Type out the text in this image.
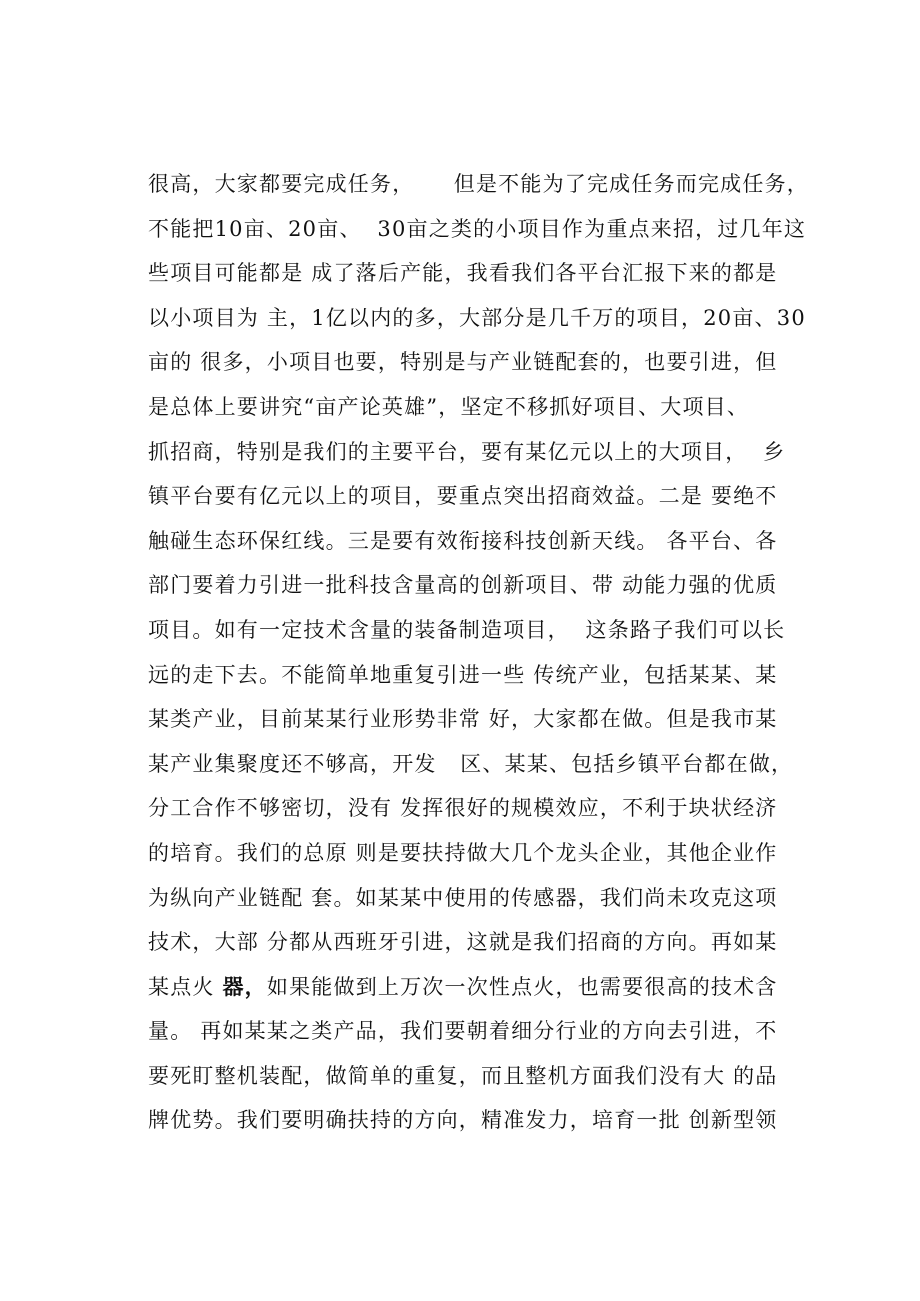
很高，大家都要完成任务，     但是不能为了完成任务而完成任务，
不能把10亩、20亩、  30亩之类的小项目作为重点来招，过几年这
些项目可能都是 成了落后产能，我看我们各平台汇报下来的都是
以小项目为 主，1亿以内的多，大部分是几千万的项目，20亩、30
亩的 很多，小项目也要，特别是与产业链配套的，也要引进，但
是总体上要讲究“亩产论英雄”，坚定不移抓好项目、大项目、
抓招商，特别是我们的主要平台，要有某亿元以上的大项目，  乡
镇平台要有亿元以上的项目，要重点突出招商效益。二是 要绝不
触碰生态环保红线。三是要有效衔接科技创新天线。 各平台、各
部门要着力引进一批科技含量高的创新项目、带 动能力强的优质
项目。如有一定技术含量的装备制造项目，  这条路子我们可以长
远的走下去。不能简单地重复引进一些 传统产业，包括某某、某
某类产业，目前某某行业形势非常 好，大家都在做。但是我市某
某产业集聚度还不够高，开发   区、某某、包括乡镇平台都在做，
分工合作不够密切，没有 发挥很好的规模效应，不利于块状经济
的培育。我们的总原 则是要扶持做大几个龙头企业，其他企业作
为纵向产业链配 套。如某某中使用的传感器，我们尚未攻克这项
技术，大部 分都从西班牙引进，这就是我们招商的方向。再如某
某点火 器，如果能做到上万次一次性点火，也需要很高的技术含
量。 再如某某之类产品，我们要朝着细分行业的方向去引进，不
要死盯整机装配，做简单的重复，而且整机方面我们没有大 的品
牌优势。我们要明确扶持的方向，精准发力，培育一批 创新型领
